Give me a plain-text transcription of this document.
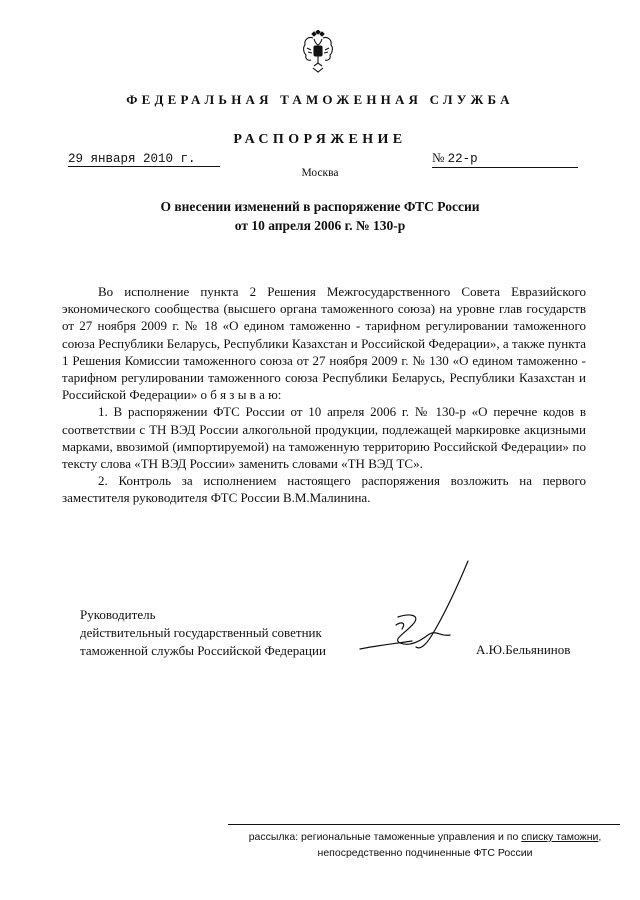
ФЕДЕРАЛЬНАЯ ТАМОЖЕННАЯ СЛУЖБА
РАСПОРЯЖЕНИЕ
29 января 2010 г.	№ 22-р
Москва
О внесении изменений в распоряжение ФТС России
от 10 апреля 2006 г. № 130-р

Во исполнение пункта 2 Решения Межгосударственного Совета Евразийского экономического сообщества (высшего органа таможенного союза) на уровне глав государств от 27 ноября 2009 г. № 18 «О едином таможенно - тарифном регулировании таможенного союза Республики Беларусь, Республики Казахстан и Российской Федерации», а также пункта 1 Решения Комиссии таможенного союза от 27 ноября 2009 г. № 130 «О едином таможенно - тарифном регулировании таможенного союза Республики Беларусь, Республики Казахстан и Российской Федерации» о б я з ы в а ю:

1. В распоряжении ФТС России от 10 апреля 2006 г. № 130-р «О перечне кодов в соответствии с ТН ВЭД России алкогольной продукции, подлежащей маркировке акцизными марками, ввозимой (импортируемой) на таможенную территорию Российской Федерации» по тексту слова «ТН ВЭД России» заменить словами «ТН ВЭД ТС».

2. Контроль за исполнением настоящего распоряжения возложить на первого заместителя руководителя ФТС России В.М.Малинина.

Руководитель
действительный государственный советник
таможенной службы Российской Федерации	А.Ю.Бельянинов
рассылка: региональные таможенные управления и по списку таможни,
непосредственно подчиненные ФТС России
